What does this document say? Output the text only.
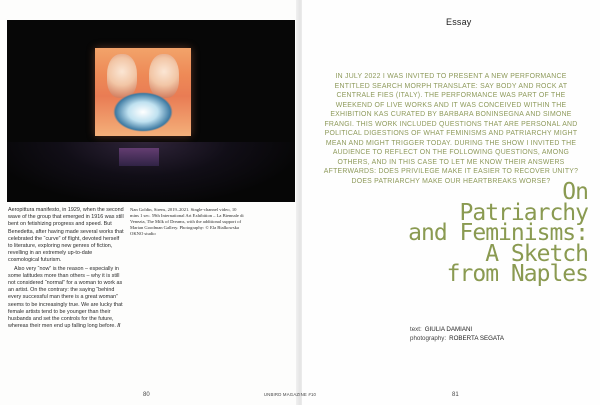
Aeropittura manifesto, in 1929, when the second wave of the group that emerged in 1916 was still bent on fetishizing progress and speed. But Benedetta, after having made several works that celebrated the “curve” of flight, devoted herself to literature, exploring new genres of fiction, revelling in an extremely up-to-date cosmological futurism.

Also very “now” is the reason – especially in some latitudes more than others – why it is still not considered “normal” for a woman to work as an artist. On the contrary: the saying “behind every successful man there is a great woman” seems to be increasingly true. We are lucky that female artists tend to be younger than their husbands and set the controls for the future, whereas their men end up falling long before. //

Nan Goldin, Sirens, 2019–2021. Single-channel video, 10 mins 1 sec. 59th International Art Exhibition – La Biennale di Venezia, The Milk of Dreams, with the additional support of Marian Goodman Gallery. Photography: © Ela Bialkowska OKNO studio
80
Essay
IN JULY 2022 I WAS INVITED TO PRESENT A NEW PERFORMANCE ENTITLED SEARCH MORPH TRANSLATE: SAY BODY AND ROCK AT CENTRALE FIES (ITALY). THE PERFORMANCE WAS PART OF THE WEEKEND OF LIVE WORKS AND IT WAS CONCEIVED WITHIN THE EXHIBITION KAS CURATED BY BARBARA BONINSEGNA AND SIMONE FRANGI. THIS WORK INCLUDED QUESTIONS THAT ARE PERSONAL AND POLITICAL DIGESTIONS OF WHAT FEMINISMS AND PATRIARCHY MIGHT MEAN AND MIGHT TRIGGER TODAY. DURING THE SHOW I INVITED THE AUDIENCE TO REFLECT ON THE FOLLOWING QUESTIONS, AMONG OTHERS, AND IN THIS CASE TO LET ME KNOW THEIR ANSWERS AFTERWARDS: DOES PRIVILEGE MAKE IT EASIER TO RECOVER UNITY? DOES PATRIARCHY MAKE OUR HEARTBREAKS WORSE? On
Patriarchy
and Feminisms:
A Sketch
from Naples
text: GIULIA DAMIANI
photography: ROBERTA SEGATA
UNBIRD MAGAZINE #10	81
